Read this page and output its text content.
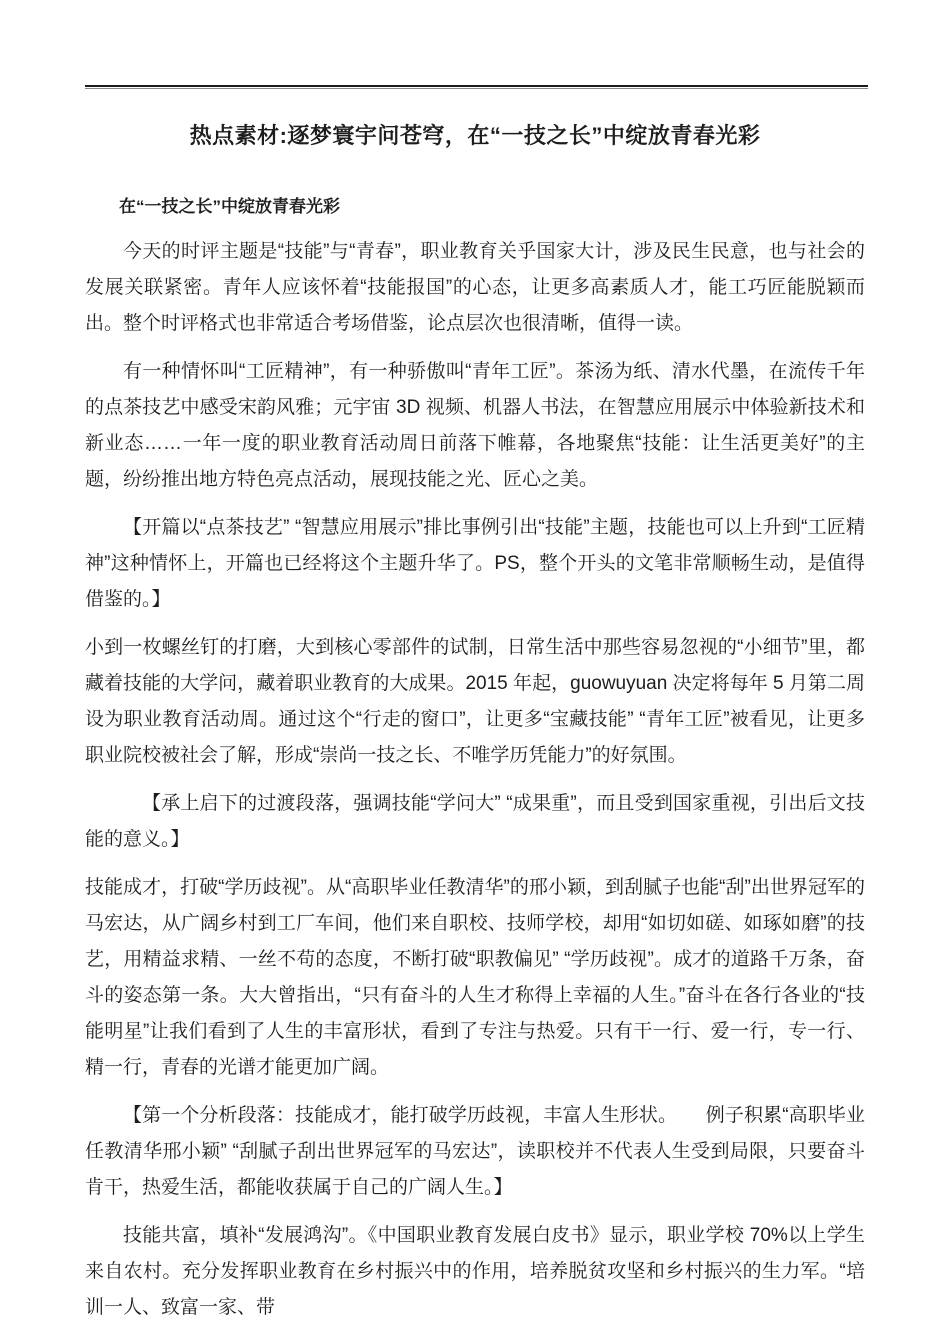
热点素材:逐梦寰宇问苍穹，在“一技之长”中绽放青春光彩
在“一技之长”中绽放青春光彩

今天的时评主题是“技能”与“青春”，职业教育关乎国家大计，涉及民生民意，也与社会的发展关联紧密。青年人应该怀着“技能报国”的心态，让更多高素质人才，能工巧匠能脱颖而出。整个时评格式也非常适合考场借鉴，论点层次也很清晰，值得一读。

有一种情怀叫“工匠精神”，有一种骄傲叫“青年工匠”。茶汤为纸、清水代墨，在流传千年的点茶技艺中感受宋韵风雅；元宇宙 3D 视频、机器人书法，在智慧应用展示中体验新技术和新业态……一年一度的职业教育活动周日前落下帷幕，各地聚焦“技能：让生活更美好”的主题，纷纷推出地方特色亮点活动，展现技能之光、匠心之美。

【开篇以“点茶技艺” “智慧应用展示”排比事例引出“技能”主题，技能也可以上升到“工匠精神”这种情怀上，开篇也已经将这个主题升华了。PS，整个开头的文笔非常顺畅生动，是值得借鉴的。】

小到一枚螺丝钉的打磨，大到核心零部件的试制，日常生活中那些容易忽视的“小细节”里，都藏着技能的大学问，藏着职业教育的大成果。2015 年起，guowuyuan 决定将每年 5 月第二周设为职业教育活动周。通过这个“行走的窗口”，让更多“宝藏技能” “青年工匠”被看见，让更多职业院校被社会了解，形成“崇尚一技之长、不唯学历凭能力”的好氛围。

【承上启下的过渡段落，强调技能“学问大” “成果重”，而且受到国家重视，引出后文技能的意义。】

技能成才，打破“学历歧视”。从“高职毕业任教清华”的邢小颖，到刮腻子也能“刮”出世界冠军的马宏达，从广阔乡村到工厂车间，他们来自职校、技师学校，却用“如切如磋、如琢如磨”的技艺，用精益求精、一丝不苟的态度，不断打破“职教偏见” “学历歧视”。成才的道路千万条，奋斗的姿态第一条。大大曾指出，“只有奋斗的人生才称得上幸福的人生。”奋斗在各行各业的“技能明星”让我们看到了人生的丰富形状，看到了专注与热爱。只有干一行、爱一行，专一行、精一行，青春的光谱才能更加广阔。

【第一个分析段落：技能成才，能打破学历歧视，丰富人生形状。　　例子积累“高职毕业任教清华邢小颖” “刮腻子刮出世界冠军的马宏达”，读职校并不代表人生受到局限，只要奋斗肯干，热爱生活，都能收获属于自己的广阔人生。】

技能共富，填补“发展鸿沟”。《中国职业教育发展白皮书》显示，职业学校 70%以上学生来自农村。充分发挥职业教育在乡村振兴中的作用，培养脱贫攻坚和乡村振兴的生力军。“培训一人、致富一家、带
